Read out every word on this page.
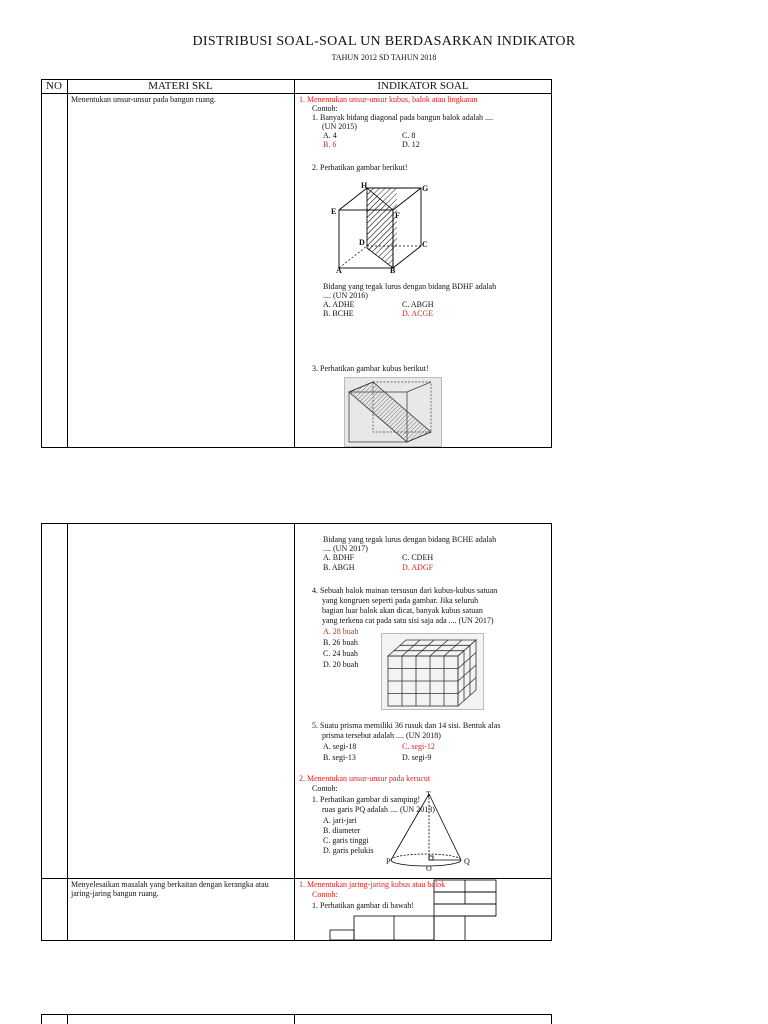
DISTRIBUSI SOAL-SOAL UN BERDASARKAN INDIKATOR
TAHUN 2012 SD TAHUN 2018
NO	MATERI SKL	INDIKATOR SOAL
Menentukan unsur-unsur pada bangun ruang.	1. Menentukan unsur-unsur kubus, balok atau lingkaran
Contoh:
1. Banyak bidang diagonal pada bangun balok adalah ....
(UN 2015)
A. 4
B. 6
C. 8
D. 12
2. Perhatikan gambar berikut!
H	G
E	F
D	C
A	B
Bidang yang tegak lurus dengan bidang BDHF adalah
.... (UN 2016)
A. ADHE
B. BCHE
C. ABGH
D. ACGE
3. Perhatikan gambar kubus berikut!
Bidang yang tegak lurus dengan bidang BCHE adalah
.... (UN 2017)
A. BDHF
B. ABGH
C. CDEH
D. ADGF
4. Sebuah balok mainan tersusun dari kubus-kubus satuan
yang kongruen seperti pada gambar. Jika seluruh
bagian luar balok akan dicat, banyak kubus satuan
yang terkena cat pada satu sisi saja ada .... (UN 2017)
A. 28 buah
B. 26 buah
C. 24 buah
D. 20 buah
5. Suatu prisma memiliki 36 rusuk dan 14 sisi. Bentuk alas
prisma tersebut adalah .... (UN 2018)
A. segi-18
B. segi-13
C. segi-12
D. segi-9
2. Menentukan unsur-unsur pada kerucut
Contoh:
1. Perhatikan gambar di samping!
ruas garis PQ adalah .... (UN 2013)
A. jari-jari
B. diameter
C. garis tinggi
D. garis pelukis
T
P
O
Q
Menyelesaikan masalah yang berkaitan dengan kerangka atau jaring-jaring bangun ruang.
1. Menentukan jaring-jaring kubus atau balok
Contoh:
1. Perhatikan gambar di bawah!
